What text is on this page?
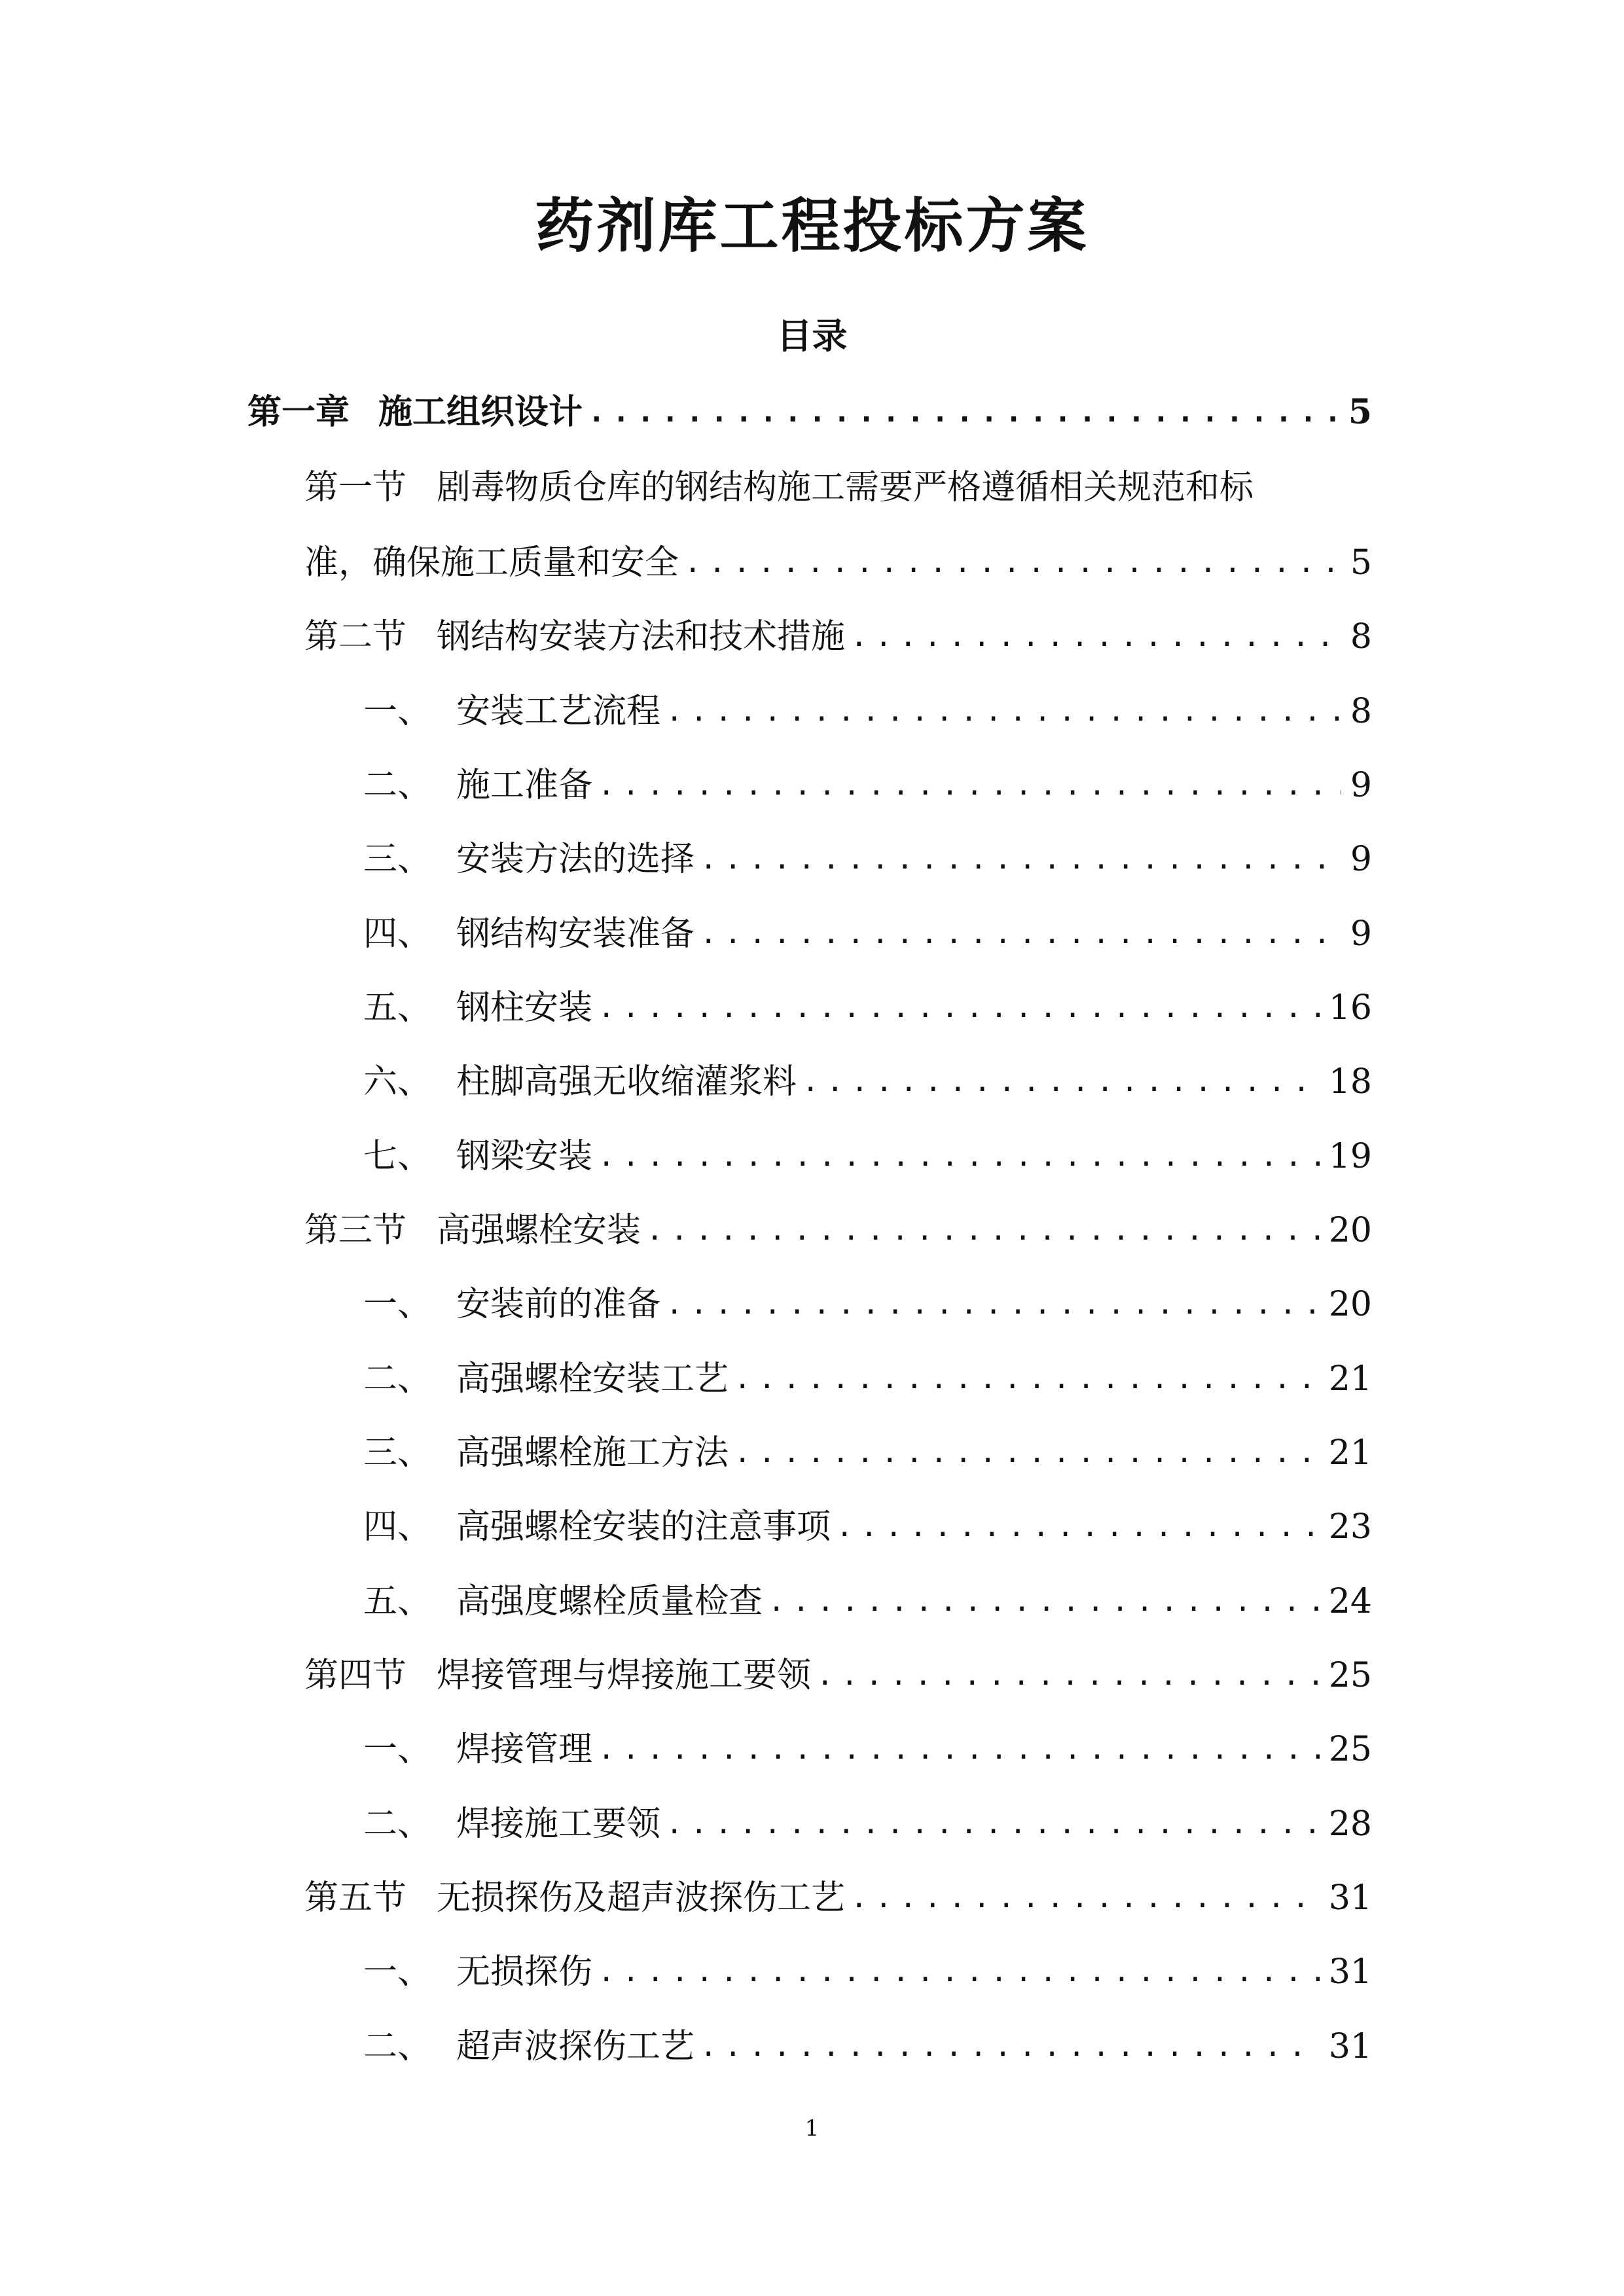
药剂库工程投标方案
目录
第一章 施工组织设计 .....	5
第一节 剧毒物质仓库的钢结构施工需要严格遵循相关规范和标
准，确保施工质量和安全 .....	5
第二节 钢结构安装方法和技术措施 .....	8
一、 安装工艺流程 .....	8
二、 施工准备 .....	9
三、 安装方法的选择 .....	9
四、 钢结构安装准备 .....	9
五、 钢柱安装 .....	16
六、 柱脚高强无收缩灌浆料 .....	18
七、 钢梁安装 .....	19
第三节 高强螺栓安装 .....	20
一、 安装前的准备 .....	20
二、 高强螺栓安装工艺 .....	21
三、 高强螺栓施工方法 .....	21
四、 高强螺栓安装的注意事项 .....	23
五、 高强度螺栓质量检查 .....	24
第四节 焊接管理与焊接施工要领 .....	25
一、 焊接管理 .....	25
二、 焊接施工要领 .....	28
第五节 无损探伤及超声波探伤工艺 .....	31
一、 无损探伤 .....	31
二、 超声波探伤工艺 .....	31
1
